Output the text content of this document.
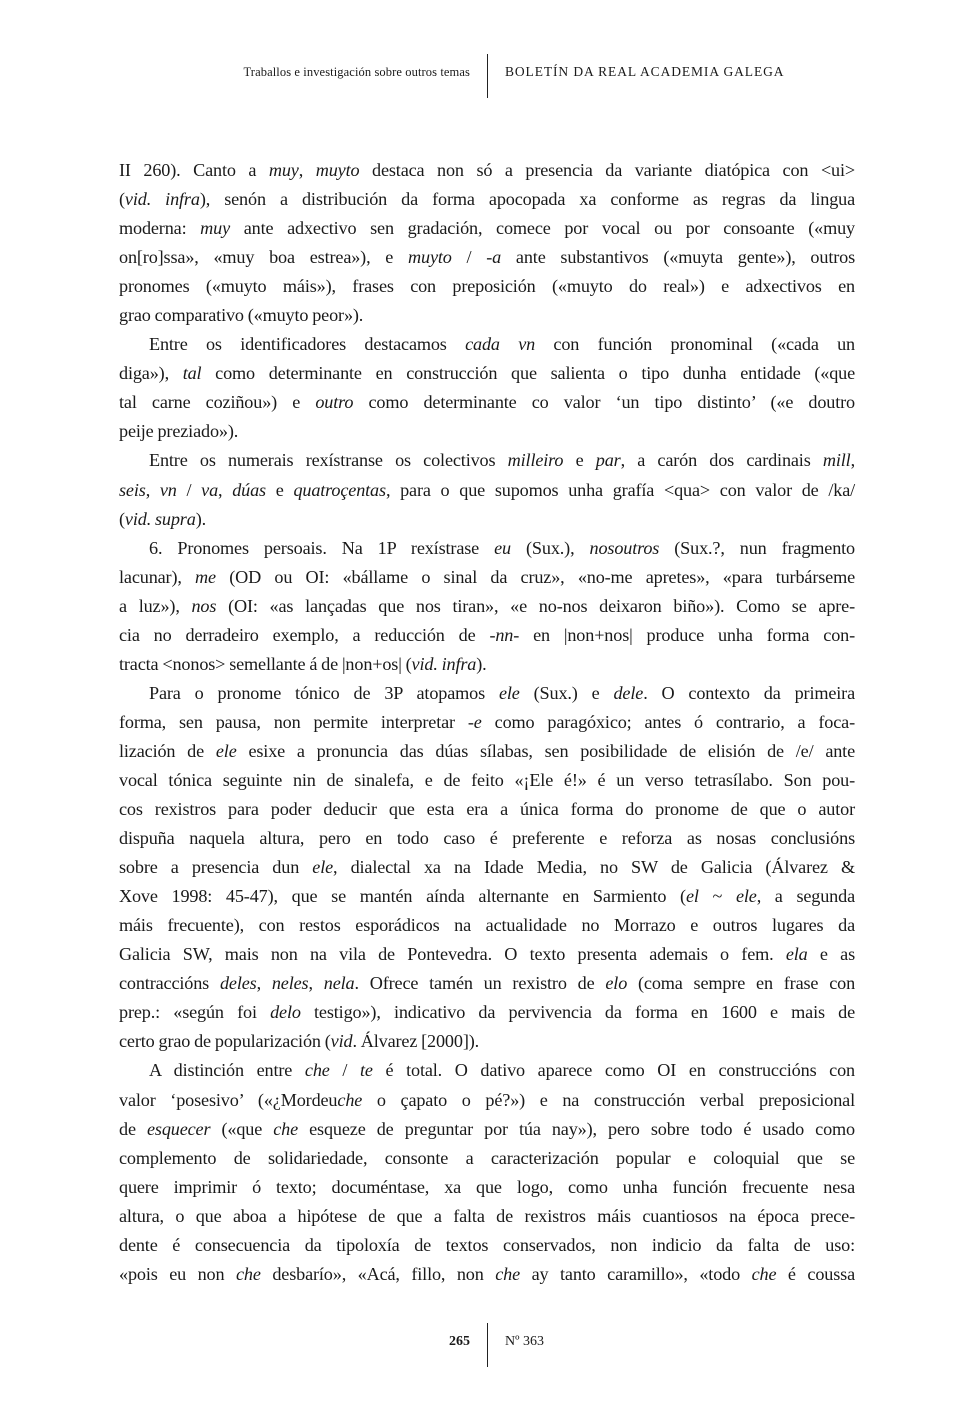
Traballos e investigación sobre outros temas	BOLETÍN DA REAL ACADEMIA GALEGA
II 260). Canto a muy, muyto destaca non só a presencia da variante diatópica con <ui>
(vid. infra), senón a distribución da forma apocopada xa conforme as regras da lingua
moderna: muy ante adxectivo sen gradación, comece por vocal ou por consoante («muy
on[ro]ssa», «muy boa estrea»), e muyto / -a ante substantivos («muyta gente»), outros
pronomes («muyto máis»), frases con preposición («muyto do real») e adxectivos en
grao comparativo («muyto peor»).
Entre os identificadores destacamos cada vn con función pronominal («cada un
diga»), tal como determinante en construcción que salienta o tipo dunha entidade («que
tal carne coziñou») e outro como determinante co valor ‘un tipo distinto’ («e doutro
peije preziado»).
Entre os numerais rexístranse os colectivos milleiro e par, a carón dos cardinais mill,
seis, vn / va, dúas e quatroçentas, para o que supomos unha grafía <qua> con valor de /ka/
(vid. supra).
6. Pronomes persoais. Na 1P rexístrase eu (Sux.), nosoutros (Sux.?, nun fragmento
lacunar), me (OD ou OI: «bállame o sinal da cruz», «no-me apretes», «para turbárseme
a luz»), nos (OI: «as lançadas que nos tiran», «e no-nos deixaron biño»). Como se apre-
cia no derradeiro exemplo, a reducción de -nn- en |non+nos| produce unha forma con-
tracta <nonos> semellante á de |non+os| (vid. infra).
Para o pronome tónico de 3P atopamos ele (Sux.) e dele. O contexto da primeira
forma, sen pausa, non permite interpretar -e como paragóxico; antes ó contrario, a foca-
lización de ele esixe a pronuncia das dúas sílabas, sen posibilidade de elisión de /e/ ante
vocal tónica seguinte nin de sinalefa, e de feito «¡Ele é!» é un verso tetrasílabo. Son pou-
cos rexistros para poder deducir que esta era a única forma do pronome de que o autor
dispuña naquela altura, pero en todo caso é preferente e reforza as nosas conclusións
sobre a presencia dun ele, dialectal xa na Idade Media, no SW de Galicia (Álvarez &
Xove 1998: 45-47), que se mantén aínda alternante en Sarmiento (el ~ ele, a segunda
máis frecuente), con restos esporádicos na actualidade no Morrazo e outros lugares da
Galicia SW, mais non na vila de Pontevedra. O texto presenta ademais o fem. ela e as
contraccións deles, neles, nela. Ofrece tamén un rexistro de elo (coma sempre en frase con
prep.: «según foi delo testigo»), indicativo da pervivencia da forma en 1600 e mais de
certo grao de popularización (vid. Álvarez [2000]).
A distinción entre che / te é total. O dativo aparece como OI en construccións con
valor ‘posesivo’ («¿Mordeuche o çapato o pé?») e na construcción verbal preposicional
de esquecer («que che esqueze de preguntar por túa nay»), pero sobre todo é usado como
complemento de solidariedade, consonte a caracterización popular e coloquial que se
quere imprimir ó texto; documéntase, xa que logo, como unha función frecuente nesa
altura, o que aboa a hipótese de que a falta de rexistros máis cuantiosos na época prece-
dente é consecuencia da tipoloxía de textos conservados, non indicio da falta de uso:
«pois eu non che desbarío», «Acá, fillo, non che ay tanto caramillo», «todo che é coussa
265	Nº 363
